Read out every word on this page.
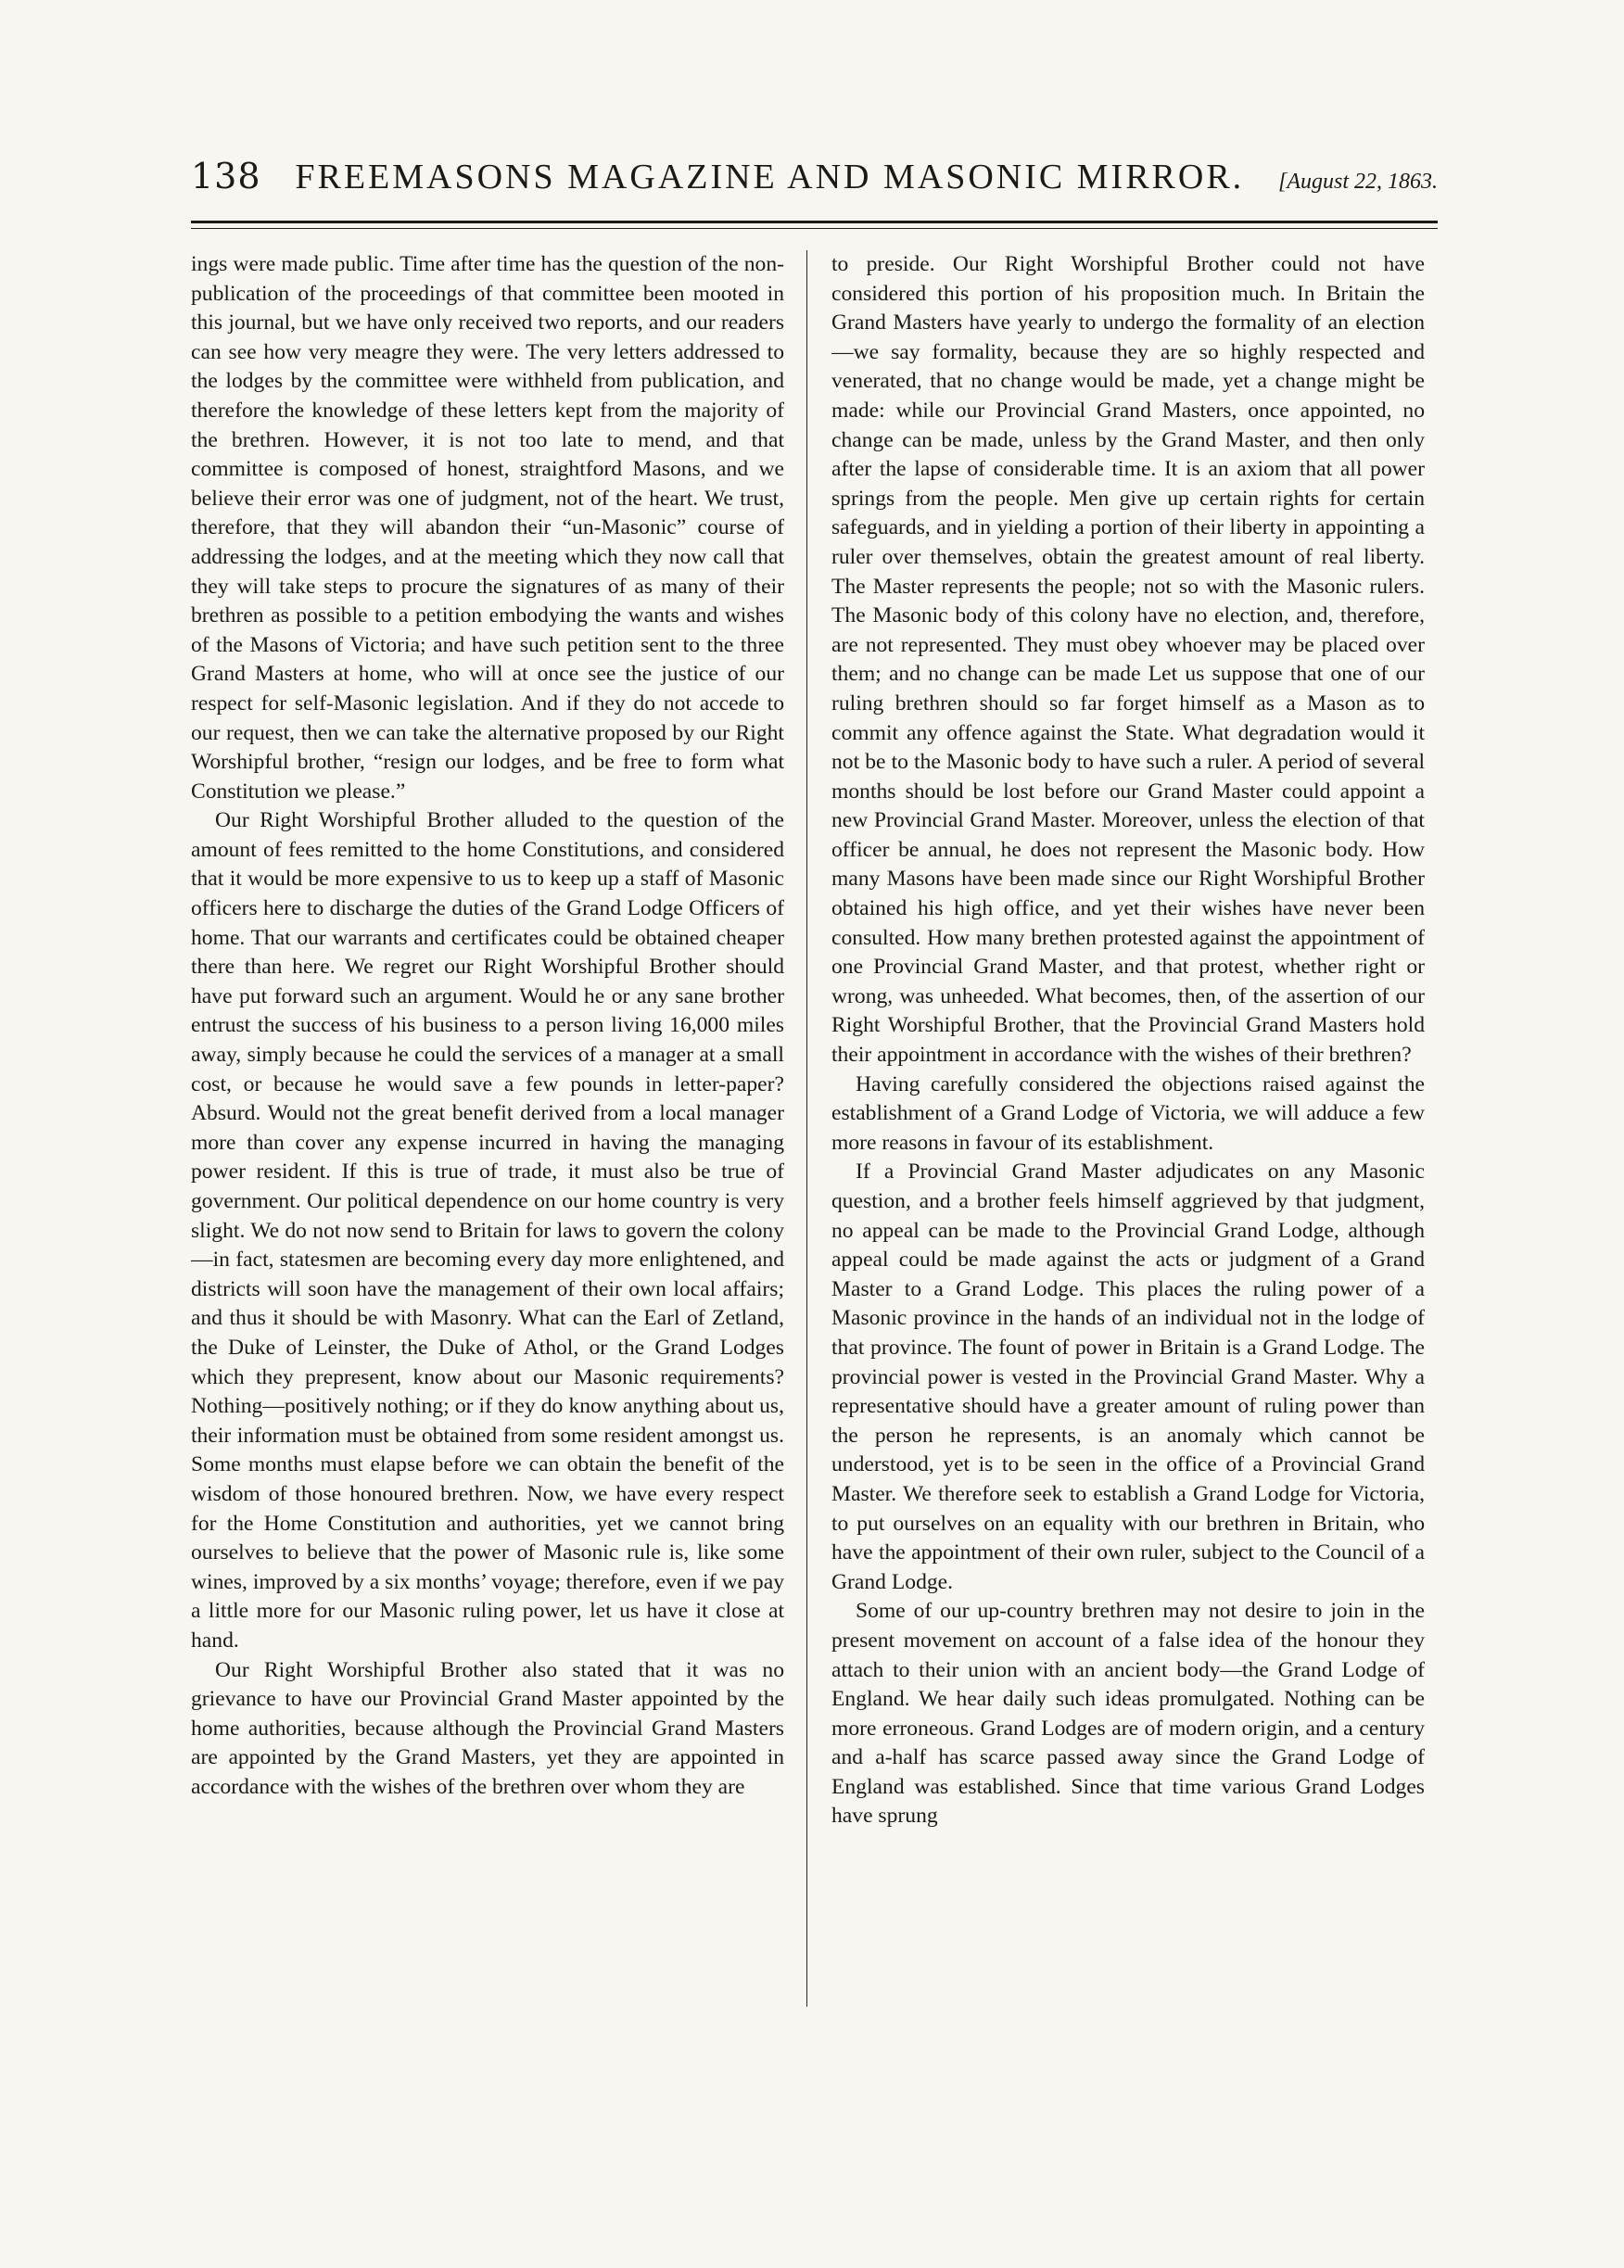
138 FREEMASONS MAGAZINE AND MASONIC MIRROR. [August 22, 1863.

ings were made public. Time after time has the question of the non-publication of the proceedings of that committee been mooted in this journal, but we have only received two reports, and our readers can see how very meagre they were. The very letters addressed to the lodges by the committee were withheld from publication, and therefore the knowledge of these letters kept from the majority of the brethren. However, it is not too late to mend, and that committee is composed of honest, straightford Masons, and we believe their error was one of judgment, not of the heart. We trust, therefore, that they will abandon their “un-Masonic” course of addressing the lodges, and at the meeting which they now call that they will take steps to procure the signatures of as many of their brethren as possible to a petition embodying the wants and wishes of the Masons of Victoria; and have such petition sent to the three Grand Masters at home, who will at once see the justice of our respect for self-Masonic legislation. And if they do not accede to our request, then we can take the alternative proposed by our Right Worshipful brother, “resign our lodges, and be free to form what Constitution we please.”

Our Right Worshipful Brother alluded to the question of the amount of fees remitted to the home Constitutions, and considered that it would be more expensive to us to keep up a staff of Masonic officers here to discharge the duties of the Grand Lodge Officers of home. That our warrants and certificates could be obtained cheaper there than here. We regret our Right Worshipful Brother should have put forward such an argument. Would he or any sane brother entrust the success of his business to a person living 16,000 miles away, simply because he could the services of a manager at a small cost, or because he would save a few pounds in letter-paper? Absurd. Would not the great benefit derived from a local manager more than cover any expense incurred in having the managing power resident. If this is true of trade, it must also be true of government. Our political dependence on our home country is very slight. We do not now send to Britain for laws to govern the colony—in fact, statesmen are becoming every day more enlightened, and districts will soon have the management of their own local affairs; and thus it should be with Masonry. What can the Earl of Zetland, the Duke of Leinster, the Duke of Athol, or the Grand Lodges which they prepresent, know about our Masonic requirements? Nothing—positively nothing; or if they do know anything about us, their information must be obtained from some resident amongst us. Some months must elapse before we can obtain the benefit of the wisdom of those honoured brethren. Now, we have every respect for the Home Constitution and authorities, yet we cannot bring ourselves to believe that the power of Masonic rule is, like some wines, improved by a six months’ voyage; therefore, even if we pay a little more for our Masonic ruling power, let us have it close at hand.

Our Right Worshipful Brother also stated that it was no grievance to have our Provincial Grand Master appointed by the home authorities, because although the Provincial Grand Masters are appointed by the Grand Masters, yet they are appointed in accordance with the wishes of the brethren over whom they are

to preside. Our Right Worshipful Brother could not have considered this portion of his proposition much. In Britain the Grand Masters have yearly to undergo the formality of an election—we say formality, because they are so highly respected and venerated, that no change would be made, yet a change might be made: while our Provincial Grand Masters, once appointed, no change can be made, unless by the Grand Master, and then only after the lapse of considerable time. It is an axiom that all power springs from the people. Men give up certain rights for certain safeguards, and in yielding a portion of their liberty in appointing a ruler over themselves, obtain the greatest amount of real liberty. The Master represents the people; not so with the Masonic rulers. The Masonic body of this colony have no election, and, therefore, are not represented. They must obey whoever may be placed over them; and no change can be made Let us suppose that one of our ruling brethren should so far forget himself as a Mason as to commit any offence against the State. What degradation would it not be to the Masonic body to have such a ruler. A period of several months should be lost before our Grand Master could appoint a new Provincial Grand Master. Moreover, unless the election of that officer be annual, he does not represent the Masonic body. How many Masons have been made since our Right Worshipful Brother obtained his high office, and yet their wishes have never been consulted. How many brethen protested against the appointment of one Provincial Grand Master, and that protest, whether right or wrong, was unheeded. What becomes, then, of the assertion of our Right Worshipful Brother, that the Provincial Grand Masters hold their appointment in accordance with the wishes of their brethren?

Having carefully considered the objections raised against the establishment of a Grand Lodge of Victoria, we will adduce a few more reasons in favour of its establishment.

If a Provincial Grand Master adjudicates on any Masonic question, and a brother feels himself aggrieved by that judgment, no appeal can be made to the Provincial Grand Lodge, although appeal could be made against the acts or judgment of a Grand Master to a Grand Lodge. This places the ruling power of a Masonic province in the hands of an individual not in the lodge of that province. The fount of power in Britain is a Grand Lodge. The provincial power is vested in the Provincial Grand Master. Why a representative should have a greater amount of ruling power than the person he represents, is an anomaly which cannot be understood, yet is to be seen in the office of a Provincial Grand Master. We therefore seek to establish a Grand Lodge for Victoria, to put ourselves on an equality with our brethren in Britain, who have the appointment of their own ruler, subject to the Council of a Grand Lodge.

Some of our up-country brethren may not desire to join in the present movement on account of a false idea of the honour they attach to their union with an ancient body—the Grand Lodge of England. We hear daily such ideas promulgated. Nothing can be more erroneous. Grand Lodges are of modern origin, and a century and a-half has scarce passed away since the Grand Lodge of England was established. Since that time various Grand Lodges have sprung
